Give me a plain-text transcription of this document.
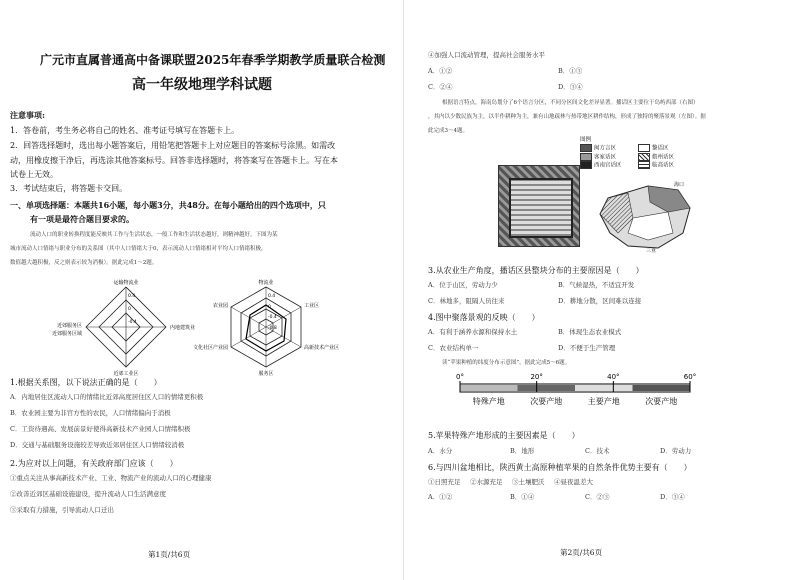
广元市直属普通高中备课联盟2025年春季学期教学质量联合检测
高一年级地理学科试题
注意事项:
1．答卷前，考生务必将自己的姓名、准考证号填写在答题卡上。
2．回答选择题时，选出每小题答案后，用铅笔把答题卡上对应题目的答案标号涂黑。如需改
动，用橡皮擦干净后，再选涂其他答案标号。回答非选择题时，将答案写在答题卡上。写在本
试卷上无效。
3．考试结束后，将答题卡交回。
一、单项选择题：本题共16小题，每小题3分，共48分。在每小题给出的四个选项中，只
有一项是最符合题目要求的。
流动人口的职业转换程度能反映其工作与生活状态，一般工作和生活状态越好，则精神越好。下图为某
城市流动人口情绪与职业分布的关系图（其中人口情绪大于0，表示流动人口情绪相对平均人口情绪积极，
数值越大越积极，反之则表示较为消极）。据此完成1～2题。
运输物流业
内地建筑业
近郊工业区
近郊服务区
近郊服务区域
0.4
0
-0.4
物流业
工业区
高新技术产业区
服务区
文化社区产业园
农业园
0.4
0
-0.4
-0.8
1.根据关系图，以下说法正确的是（　　）
A．内地居住区流动人口的情绪比近郊高度居住区人口的情绪更积极
B．农业园主要为非官方性的农民，人口情绪偏向于消极
C．工资待遇高、发展前景好使得高新技术产业园人口情绪积极
D．交通与基础服务设施较差导致近郊居住区人口情绪较消极
2.为应对以上问题，有关政府部门应该（　　）
①重点关注从事高新技术产业、工业、物流产业的流动人口的心理健康
②改善近郊区基础设施建设，提升流动人口生活满意度
③采取有力措施，引导流动人口迁出
第1页/共6页
④加强人口流动管理，提高社会服务水平
A．①②	B．①③
C．②④	D．③④
根据语言特点，海南岛划分了6个语言分区，不同分区间文化差异显著。播话区主要位于岛屿西部（右图）
，其内以少数民族为主，以半作耕种为主，兼有山地疏林与热带地区耕作结构，形成了独特的聚落景观（左图）。据
此完成3～4题。
图例
闽方言区	黎语区
客家话区	儋州话区
西南官话区	临高话区
海口
三亚
3.从农业生产角度，播话区县整块分布的主要原因是（　　）
A．位于山区，劳动力少	B．气候湿热，不适宜开发
C．林地多，阻隔人员往来	D．耕地分散，区间难以连接
4.图中聚落景观的反映（　　）
A．有利于涵养水源和保持水土	B．体现生态农业模式
C．农业结构单一	D．不便于生产管理
读“苹果种植的纬度分布示意图”，据此完成5～6题。
0°	20°	40°	60°
特殊产地	次要产地	主要产地	次要产地
5.苹果特殊产地形成的主要因素是（　　）
A．水分	B．地形	C．技术	D．劳动力
6.与四川盆地相比，陕西黄土高原种植苹果的自然条件优势主要有（　　）
①日照充足 ②水源充足 ③土壤肥沃 ④昼夜温差大
A．①②	B．①④	C．②③	D．③④
第2页/共6页
